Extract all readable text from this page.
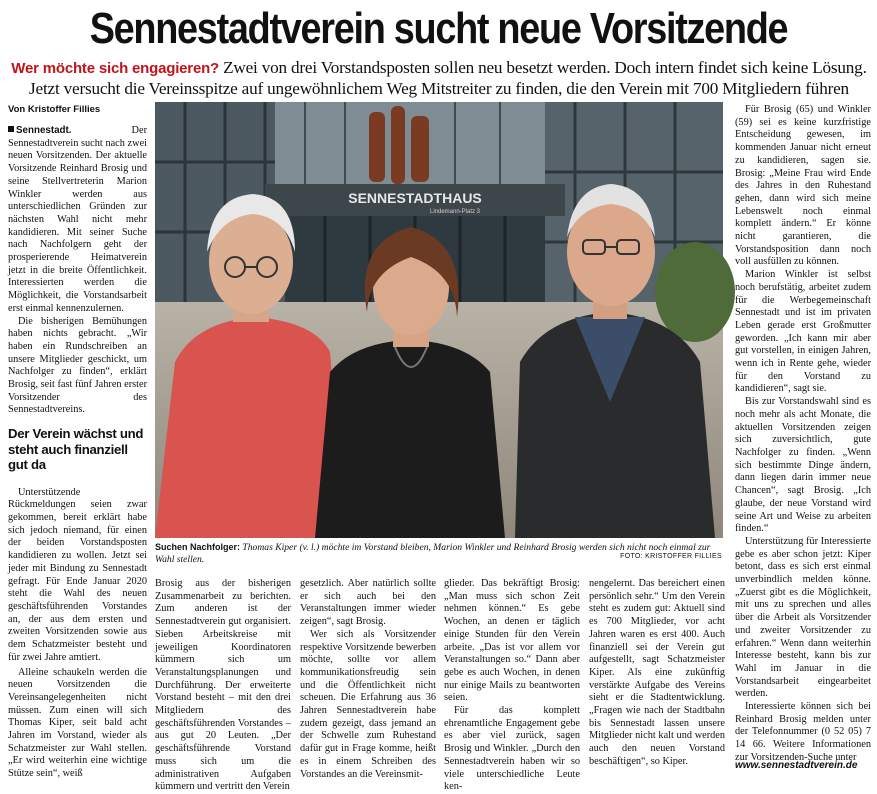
Sennestadtverein sucht neue Vorsitzende
Wer möchte sich engagieren? Zwei von drei Vorstandsposten sollen neu besetzt werden. Doch intern findet sich keine Lösung. Jetzt versucht die Vereinsspitze auf ungewöhnlichem Weg Mitstreiter zu finden, die den Verein mit 700 Mitgliedern führen
Von Kristoffer Fillies

Sennestadt. Der Sennestadtverein sucht nach zwei neuen Vorsitzenden. Der aktuelle Vorsitzende Reinhard Brosig und seine Stellvertreterin Marion Winkler werden aus unterschiedlichen Gründen zur nächsten Wahl nicht mehr kandidieren. Mit seiner Suche nach Nachfolgern geht der prosperierende Heimatverein jetzt in die breite Öffentlichkeit. Interessierten werden die Möglichkeit, die Vorstandsarbeit erst einmal kennenzulernen.

Die bisherigen Bemühungen haben nichts gebracht. „Wir haben ein Rundschreiben an unsere Mitglieder geschickt, um Nachfolger zu finden“, erklärt Brosig, seit fast fünf Jahren erster Vorsitzender des Sennestadtvereins.

Der Verein wächst und steht auch finanziell gut da

Unterstützende Rückmeldungen seien zwar gekommen, bereit erklärt habe sich jedoch niemand, für einen der beiden Vorstandsposten kandidieren zu wollen. Jetzt sei jeder mit Bindung zu Sennestadt gefragt. Für Ende Januar 2020 steht die Wahl des neuen geschäftsführenden Vorstandes an, der aus dem ersten und zweiten Vorsitzenden sowie aus dem Schatzmeister besteht und für zwei Jahre amtiert.

Alleine schaukeln werden die neuen Vorsitzenden die Vereinsangelegenheiten nicht müssen. Zum einen will sich Thomas Kiper, seit bald acht Jahren im Vorstand, wieder als Schatzmeister zur Wahl stellen. „Er wird weiterhin eine wichtige Stütze sein“, weiß

SENNESTADTHAUS
Lindemann-Platz 3
Suchen Nachfolger: Thomas Kiper (v. l.) möchte im Vorstand bleiben, Marion Winkler und Reinhard Brosig werden sich nicht noch einmal zur Wahl stellen.	FOTO: KRISTOFFER FILLIES

Brosig aus der bisherigen Zusammenarbeit zu berichten. Zum anderen ist der Sennestadtverein gut organisiert. Sieben Arbeitskreise mit jeweiligen Koordinatoren kümmern sich um Veranstaltungsplanungen und Durchführung. Der erweiterte Vorstand besteht – mit den drei Mitgliedern des geschäftsführenden Vorstandes – aus gut 20 Leuten. „Der geschäftsführende Vorstand muss sich um die administrativen Aufgaben kümmern und vertritt den Verein

gesetzlich. Aber natürlich sollte er sich auch bei den Veranstaltungen immer wieder zeigen“, sagt Brosig.

Wer sich als Vorsitzender respektive Vorsitzende bewerben möchte, sollte vor allem kommunikationsfreudig sein und die Öffentlichkeit nicht scheuen. Die Erfahrung aus 36 Jahren Sennestadtverein habe zudem gezeigt, dass jemand an der Schwelle zum Ruhestand dafür gut in Frage komme, heißt es in einem Schreiben des Vorstandes an die Vereinsmit-

glieder. Das bekräftigt Brosig: „Man muss sich schon Zeit nehmen können.“ Es gebe Wochen, an denen er täglich einige Stunden für den Verein arbeite. „Das ist vor allem vor Veranstaltungen so.“ Dann aber gebe es auch Wochen, in denen nur einige Mails zu beantworten seien.

Für das komplett ehrenamtliche Engagement gebe es aber viel zurück, sagen Brosig und Winkler. „Durch den Sennestadtverein haben wir so viele unterschiedliche Leute ken-

nengelernt. Das bereichert einen persönlich sehr.“ Um den Verein steht es zudem gut: Aktuell sind es 700 Mitglieder, vor acht Jahren waren es erst 400. Auch finanziell sei der Verein gut aufgestellt, sagt Schatzmeister Kiper. Als eine zukünftig verstärkte Aufgabe des Vereins sieht er die Stadtentwicklung. „Fragen wie nach der Stadtbahn bis Sennestadt lassen unsere Mitglieder nicht kalt und werden auch den neuen Vorstand beschäftigen“, so Kiper.

Für Brosig (65) und Winkler (59) sei es keine kurzfristige Entscheidung gewesen, im kommenden Januar nicht erneut zu kandidieren, sagen sie. Brosig: „Meine Frau wird Ende des Jahres in den Ruhestand gehen, dann wird sich meine Lebenswelt noch einmal komplett ändern.“ Er könne nicht garantieren, die Vorstandsposition dann noch voll ausfüllen zu können.

Marion Winkler ist selbst noch berufstätig, arbeitet zudem für die Werbegemeinschaft Sennestadt und ist im privaten Leben gerade erst Großmutter geworden. „Ich kann mir aber gut vorstellen, in einigen Jahren, wenn ich in Rente gehe, wieder für den Vorstand zu kandidieren“, sagt sie.

Bis zur Vorstandswahl sind es noch mehr als acht Monate, die aktuellen Vorsitzenden zeigen sich zuversichtlich, gute Nachfolger zu finden. „Wenn sich bestimmte Dinge ändern, dann liegen darin immer neue Chancen“, sagt Brosig. „Ich glaube, der neue Vorstand wird seine Art und Weise zu arbeiten finden.“

Unterstützung für Interessierte gebe es aber schon jetzt: Kiper betont, dass es sich erst einmal unverbindlich melden könne. „Zuerst gibt es die Möglichkeit, mit uns zu sprechen und alles über die Arbeit als Vorsitzender und zweiter Vorsitzender zu erfahren.“ Wenn dann weiterhin Interesse besteht, kann bis zur Wahl im Januar in die Vorstandsarbeit eingearbeitet werden.

Interessierte können sich bei Reinhard Brosig melden unter der Telefonnummer (0 52 05) 7 14 66. Weitere Informationen zur Vorsitzenden-Suche unter

www.sennestadtverein.de
